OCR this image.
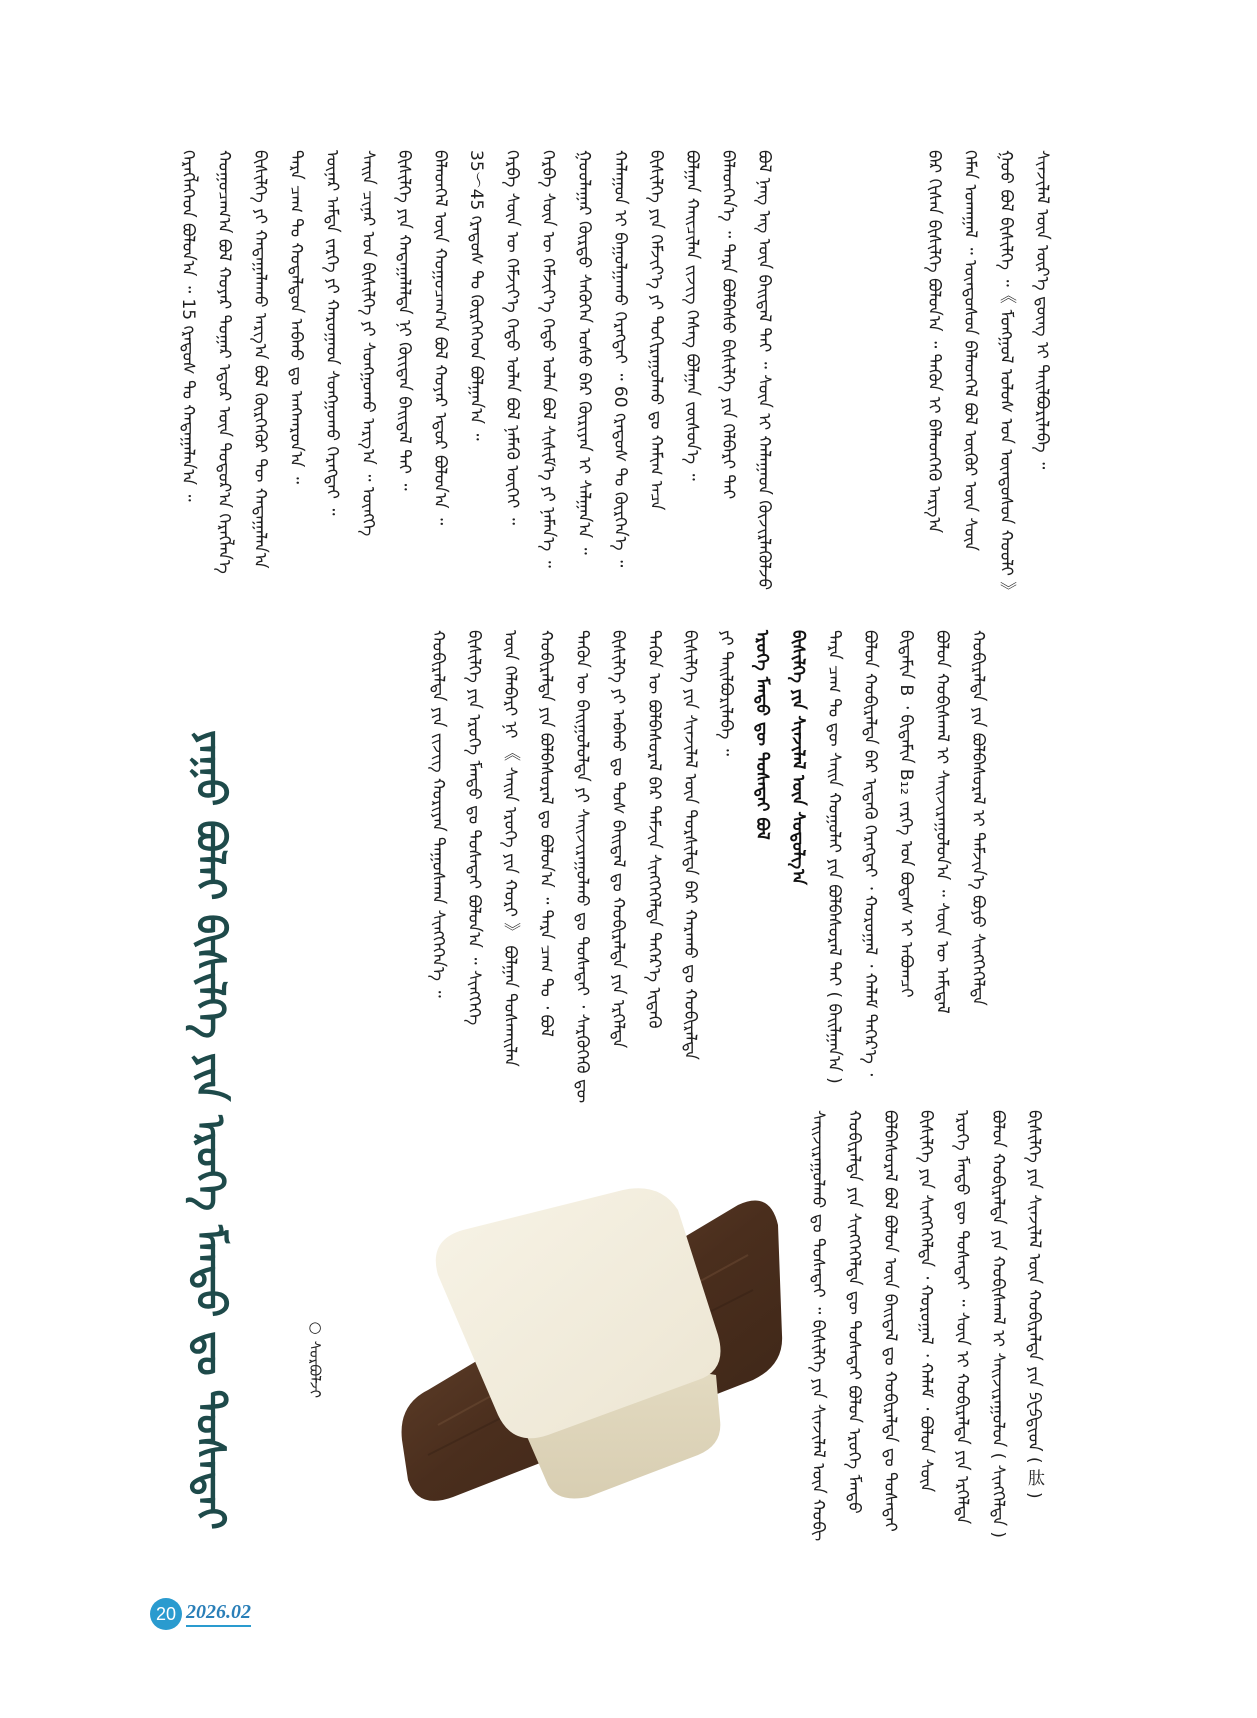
ᠬᠡᠷᠡᠭᠯᠡᠭᠡᠳ ᠪᠣᠯᠤᠨ᠎ᠠ ᠃ 15 ᠭᠷᠠᠳᠤᠰ ᠲᠤ ᠬᠠᠳᠠᠭᠠᠯᠠᠨ᠎ᠠ ᠃ ᠬᠤᠭᠤᠴᠠᠭ᠎ᠠ ᠪᠣᠯ ᠬᠣᠶᠠᠷ ᠳᠤᠭᠠᠷ ᠡᠳᠦᠷ ᠦᠨ ᠳᠣᠲᠤᠷ᠎ᠠ ᠬᠡᠷᠡᠭᠯᠡᠨ᠎ᠡ ᠪᠢᠰᠢᠯᠭᠡ ᠶᠢ ᠬᠠᠳᠠᠭᠠᠯᠠᠬᠤ ᠠᠷᠭ᠎ᠠ ᠪᠣᠯ ᠬᠥᠷᠭᠡᠭᠦᠷ ᠲᠦ ᠬᠠᠳᠠᠭᠠᠯᠠᠨ᠎ᠠ ᠲᠡᠷᠡ ᠴᠠᠭ ᠲᠤ ᠬᠤᠳᠠᠯᠳᠤᠨ ᠠᠪᠬᠤ ᠳᠤ ᠠᠩᠬᠠᠷᠤᠨ᠎ᠠ ᠃ ᠦᠨᠡᠷ ᠠᠮᠲᠠ ᠵᠡᠷᠭᠡ ᠶᠢ ᠬᠠᠷᠤᠭᠠᠳ ᠰᠣᠩᠭᠣᠬᠤ ᠬᠡᠷᠡᠭᠲᠡᠢ ᠃ ᠰᠠᠢᠨ ᠴᠢᠨᠠᠷ ᠤᠨ ᠪᠢᠰᠢᠯᠭᠡ ᠶᠢ ᠰᠣᠩᠭᠣᠬᠤ ᠠᠷᠭ᠎ᠠ ᠃ ᠦᠩᠭᠡ ᠪᠢᠰᠢᠯᠭᠡ ᠶᠢᠨ ᠬᠠᠳᠠᠭᠠᠯᠠᠯᠲᠠ ᠨᠢ ᠬᠦᠢᠲᠡᠨ ᠪᠠᠢᠳᠠᠯ ᠲᠠᠢ ᠃ ᠪᠡᠯᠡᠳᠬᠡᠯ ᠦᠨ ᠬᠤᠭᠤᠴᠠᠭ᠎ᠠ ᠪᠣᠯ ᠬᠤᠶᠠᠷ ᠡᠳᠦᠷ ᠪᠣᠯᠤᠨ᠎ᠠ ᠃ 35～45 ᠭᠷᠠᠳᠤᠰ ᠲᠤ ᠬᠦᠷᠭᠡᠭᠡᠳ ᠪᠣᠯᠭᠠᠨ᠎ᠠ ᠃ ᠬᠡᠷᠪᠡ ᠰᠦᠨ ᠦ ᠬᠡᠮᠵᠢᠶ᠎ᠡ ᠬᠡᠲᠦ ᠣᠯᠠᠨ ᠪᠣᠯ ᠨᠡᠮᠡᠬᠦ ᠦᠭᠡᠢ ᠃ ᠬᠡᠷᠪᠡ ᠰᠦᠨ ᠦ ᠬᠡᠮᠵᠢᠶ᠎ᠡ ᠬᠡᠲᠦ ᠣᠯᠠᠨ ᠪᠣᠯ ᠰᠢᠰᠢᠮ᠎ᠡ ᠶᠢ ᠨᠡᠮᠡᠨ᠎ᠡ ᠃ ᠭᠤᠤᠯᠠᠭᠠᠷ ᠬᠦᠷᠳᠦ ᠰᠡᠭᠦᠭᠡᠨ ᠤᠰᠤ ᠪᠠᠷ ᠬᠦᠷᠢᠶᠡᠨ ᠢ ᠰᠠᠯᠭᠠᠨ᠎ᠠ ᠃ ᠬᠠᠯᠠᠭᠤᠨ ᠢ ᠪᠠᠭᠤᠯᠭᠠᠬᠤ ᠬᠡᠷᠡᠭᠲᠡᠢ ᠃ 60 ᠭᠷᠠᠳᠤᠰ ᠲᠤ ᠬᠦᠷᠭᠡᠨ᠎ᠡ ᠃ ᠪᠢᠰᠢᠯᠭᠡ ᠶᠢᠨ ᠬᠡᠮᠵᠢᠶ᠎ᠡ ᠶᠢ ᠲᠣᠬᠢᠷᠠᠭᠤᠯᠬᠤ ᠳᠤ ᠬᠠᠮᠢᠭ ᠠᠴᠠ ᠪᠣᠯᠭᠠᠨ ᠬᠠᠢᠴᠢᠯᠠᠨ ᠵᠢᠵᠢᠭ ᠬᠡᠰᠡᠭ ᠪᠣᠯᠭᠠᠨ ᠵᠦᠰᠦᠨ᠎ᠡ ᠃ ᠪᠡᠯᠡᠳᠭᠡᠨ᠎ᠡ ᠃ ᠲᠡᠷᠡ ᠪᠤᠯᠪᠠᠰᠤ ᠪᠢᠰᠢᠯᠭᠡ ᠶᠢᠨ ᠬᠡᠯᠪᠡᠷᠢ ᠲᠠᠢ ᠪᠣᠯ ᠨᠡᠩ ᠡᠩ ᠦᠨ ᠪᠠᠢᠳᠠᠯ ᠲᠠᠢ ᠃ ᠰᠦᠨ ᠢ ᠬᠠᠯᠠᠭᠠᠳ ᠬᠦᠵᠢᠷᠯᠡᠭᠦᠯᠵᠦ	ᠪᠡᠷ ᠬᠢᠰᠡᠨ ᠪᠢᠰᠢᠯᠭᠡ ᠪᠣᠯᠤᠨ᠎ᠠ ᠃ ᠲᠡᠭᠦᠨ ᠢ ᠪᠡᠯᠡᠳᠭᠡᠬᠦ ᠠᠷᠭ᠎ᠠ ᠬᠡᠮᠡᠨ ᠤᠬᠠᠭᠠᠯ ᠃ ᠦᠨᠳᠦᠰᠦᠨ ᠪᠡᠯᠡᠳᠬᠡᠯ ᠪᠣᠯ ᠦᠬᠦᠷ ᠦᠨ ᠰᠦᠨ ᠭᠤᠤ ᠪᠣᠯ ᠪᠢᠰᠢᠯᠭᠡ ᠃《 ᠮᠣᠩᠭᠣᠯ ᠤᠯᠤᠰ ᠤᠨ ᠦᠨᠳᠦᠰᠦᠨ ᠬᠤᠤᠯᠢ 》 ᠰᠢᠨᠵᠢᠯᠡᠯ ᠦᠨ ᠦᠷ᠎ᠡ ᠳ᠋ᠦᠩ ᠢ ᠲᠠᠢᠯᠪᠤᠷᠢᠯᠠᠪᠠ ᠃
ᠬᠤᠪᠢᠷᠠᠯᠲᠠ ᠶᠢᠨ ᠵᠢᠵᠢᠭ ᠬᠤᠷᠢᠶᠠᠨ ᠳᠠᠭᠤᠰᠬᠠᠨ ᠰᠢᠩᠭᠡᠭᠡᠨ᠎ᠡ ᠃ ᠪᠢᠰᠢᠯᠭᠡ ᠶᠢᠨ ᠡᠷᠦᠬᠡ ᠮᠡᠨᠳᠦ ᠳᠤ ᠲᠤᠰᠠᠲᠠᠢ ᠪᠣᠯᠤᠨ᠎ᠠ ᠃ ᠰᠢᠩᠭᠡᠭᠡ ᠦᠨ ᠬᠡᠯᠡᠪᠡᠷᠢ ᠨᠢ 《 ᠰᠠᠢᠨ ᠡᠷᠦᠬᠡ ᠶᠢᠨ ᠬᠣᠷᠢ 》 ᠪᠣᠯᠭᠠᠨ ᠲᠤᠰᠬᠠᠢᠯᠠᠨ ᠬᠤᠪᠢᠷᠠᠯᠲᠠ ᠶᠢᠨ ᠪᠣᠯᠪᠠᠰᠤᠷᠠᠯ ᠳᠤ ᠪᠣᠯᠤᠨ᠎ᠠ ᠃ ᠲᠡᠷᠡ ᠴᠠᠭ ᠲᠤ ᠂ ᠪᠣᠯ ᠲᠡᠭᠦᠨ ᠦ ᠪᠠᠢᠭᠤᠯᠤᠯᠲᠠ ᠶᠢ ᠰᠠᠢᠵᠢᠷᠠᠭᠤᠯᠬᠤ ᠳᠤ ᠲᠤᠰᠠᠲᠠᠢ ᠂ ᠰᠡᠷᠭᠦᠭᠡᠬᠦ ᠳᠦ ᠪᠢᠰᠢᠯᠭᠡ ᠶᠢ ᠠᠪᠬᠤ ᠳᠤ ᠲᠤᠰ ᠪᠠᠢᠳᠠᠯ ᠳᠤ ᠬᠤᠪᠢᠷᠠᠯᠲᠠ ᠶᠢᠨ ᠡᠷᠭᠡᠯᠲᠡ ᠲᠡᠭᠦᠨ ᠦ ᠪᠣᠯᠪᠠᠰᠤᠷᠠᠯ ᠪᠠᠷ ᠳᠠᠮᠵᠢᠨ ᠰᠢᠩᠭᠡᠭᠡᠯᠲᠡ ᠳᠡᠭᠡᠷ᠎ᠡ ᠢᠳᠡᠬᠦ ᠪᠢᠰᠢᠯᠭᠡ ᠶᠢᠨ ᠰᠢᠨᠵᠢᠯᠡᠯ ᠦᠨ ᠲᠤᠷᠰᠢᠯᠲᠠ ᠪᠠᠷ ᠬᠠᠷᠠᠬᠤ ᠳᠤ ᠬᠤᠪᠢᠷᠠᠯᠲᠠ ᠶᠢ ᠲᠠᠢᠯᠪᠤᠷᠢᠯᠠᠪᠠ ᠃ ᠡᠷᠦᠬᠡ ᠮᠡᠨᠳᠦ ᠳᠦ ᠲᠤᠰᠠᠲᠠᠢ ᠪᠣᠯ ᠪᠢᠰᠢᠯᠭᠡ ᠶᠢᠨ ᠰᠢᠨᠵᠢᠯᠡᠯ ᠦᠨ ᠰᠤᠳᠤᠯᠭ᠎ᠠ ᠲᠡᠷᠡ ᠴᠠᠭ ᠲᠤ ᠳᠦ ᠰᠠᠢᠨ ᠬᠣᠭᠣᠯᠠᠢ ᠶᠢᠨ ᠪᠣᠯᠪᠠᠰᠤᠷᠠᠯ ᠲᠠᠢ ( ᠪᠠᠢᠯᠭᠠᠨ᠎ᠠ ) ᠪᠣᠯᠤᠨ ᠬᠤᠪᠢᠷᠠᠯᠲᠠ ᠪᠠᠷ ᠢᠳᠡᠬᠦ ᠬᠡᠷᠡᠭᠲᠡᠢ ᠂ ᠬᠣᠷᠣᠭᠠᠯ ᠂ ᠬᠠᠯᠠᠮ ᠳᠡᠭᠡᠷ᠎ᠡ ᠂ ᠪᠢᠳᠠᠮᠢᠨ B ᠂ ᠪᠢᠳᠠᠮᠢᠨ B₁₂ ᠵᠡᠷᠭᠡ ᠡᠳ ᠪᠣᠳᠠᠰ ᠢ ᠠᠪᠤᠭᠴᠢ ᠪᠣᠯᠤᠨ ᠬᠤᠪᠢᠰᠬᠠᠯ ᠢ ᠰᠠᠢᠵᠢᠷᠠᠭᠤᠯᠤᠨ᠎ᠠ ᠃ ᠰᠦᠨ ᠦ ᠠᠮᠢᠳᠠᠯ ᠬᠤᠪᠢᠷᠠᠯᠲᠠ ᠶᠢᠨ ᠪᠣᠯᠪᠠᠰᠤᠷᠠᠯ ᠢ ᠳᠡᠮᠵᠢᠨ᠎ᠡ ᠪᠤᠶᠤ ᠰᠢᠩᠭᠡᠭᠡᠯᠲᠡ
ᠰᠠᠢᠵᠢᠷᠠᠭᠤᠯᠬᠤ ᠳᠤ ᠲᠤᠰᠠᠲᠠᠢ ᠃ ᠪᠢᠰᠢᠯᠭᠡ ᠶᠢᠨ ᠰᠢᠨᠵᠢᠯᠡᠯ ᠦᠨ ᠬᠤᠪᠢ ᠬᠤᠪᠢᠷᠠᠯᠲᠠ ᠶᠢᠨ ᠰᠢᠩᠭᠡᠭᠡᠯᠲᠡ ᠳᠦ ᠲᠤᠰᠠᠲᠠᠢ ᠪᠣᠯᠤᠨ ᠡᠷᠦᠬᠡ ᠮᠡᠨᠳᠦ ᠪᠣᠯᠪᠠᠰᠤᠷᠠᠯ ᠪᠣᠯ ᠪᠣᠯᠤᠨ ᠦᠨ ᠪᠠᠢᠳᠠᠯ ᠳᠤ ᠬᠤᠪᠢᠷᠠᠯᠲᠠ ᠳᠤ ᠲᠤᠰᠠᠲᠠᠢ ᠪᠢᠰᠢᠯᠭᠡ ᠶᠢᠨ ᠰᠢᠩᠭᠡᠭᠡᠯᠲᠡ ᠂ ᠬᠣᠷᠣᠭᠠᠯ ᠂ ᠬᠠᠯᠠᠮ ᠂ ᠪᠣᠯᠤᠨ ᠰᠦᠨ ᠡᠷᠦᠬᠡ ᠮᠡᠨᠳᠦ ᠳᠦ ᠲᠤᠰᠠᠲᠠᠢ ᠃ ᠰᠦᠨ ᠢ ᠬᠤᠪᠢᠷᠠᠯᠲᠠ ᠶᠢᠨ ᠡᠷᠭᠡᠯᠲᠡ ᠪᠣᠯᠤᠨ ᠬᠤᠪᠢᠷᠠᠯᠲᠠ ᠶᠢᠨ ᠬᠤᠪᠢᠰᠬᠠᠯ ᠢ ᠰᠠᠢᠵᠢᠷᠠᠭᠤᠯᠤᠨ ( ᠰᠢᠩᠭᠡᠯᠲᠡ ) ᠪᠢᠰᠢᠯᠭᠡ ᠶᠢᠨ ᠰᠢᠨᠵᠢᠯᠡᠯ ᠦᠨ ᠬᠤᠪᠢᠷᠠᠯᠲᠠ ᠶᠢᠨ ᠫᠸᠫᠲᠢᠳ ( 肽 )
ᠶᠠᠭᠤ ᠪᠣᠯᠠᠢ ᠪᠢᠰᠢᠯᠭᠡ ᠶᠢᠨ ᠡᠷᠦᠬᠡ ᠮᠡᠨᠳᠦ ᠳᠤ ᠲᠤᠰᠠᠲᠠᠢ	○ ᠰᠤᠷᠪᠤᠯᠵᠢ
20 2026.02
